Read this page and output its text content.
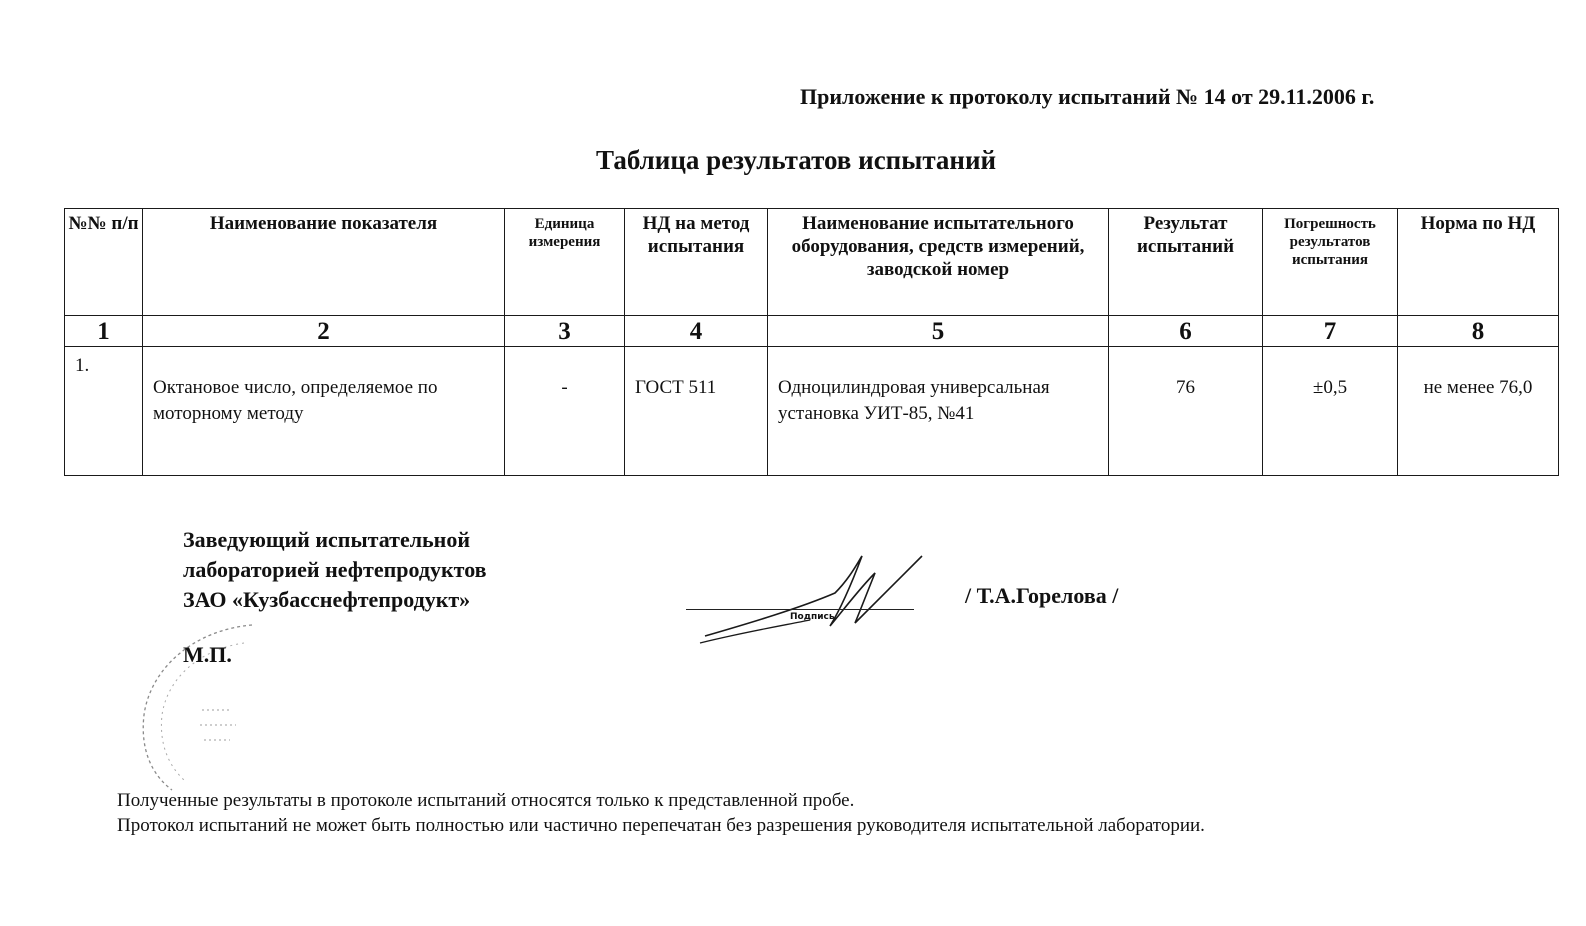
Приложение к протоколу испытаний № 14 от 29.11.2006 г.
Таблица результатов испытаний
№№ п/п	Наименование показателя	Единица измерения	НД на метод испытания	Наименование испытательного оборудования, средств измерений, заводской номер	Результат испытаний	Погрешность результатов испытания	Норма по НД
1	2	3	4	5	6	7	8
1.	Октановое число, определяемое по моторному методу	-	ГОСТ 511	Одноцилиндровая универсальная установка УИТ-85, №41	76	±0,5	не менее 76,0
Заведующий испытательной
лабораторией нефтепродуктов
ЗАО «Кузбасснефтепродукт»
М.П.
Подпись
/ Т.А.Горелова /
Полученные результаты в протоколе испытаний относятся только к представленной пробе.
Протокол испытаний не может быть полностью или частично перепечатан без разрешения руководителя испытательной лаборатории.
